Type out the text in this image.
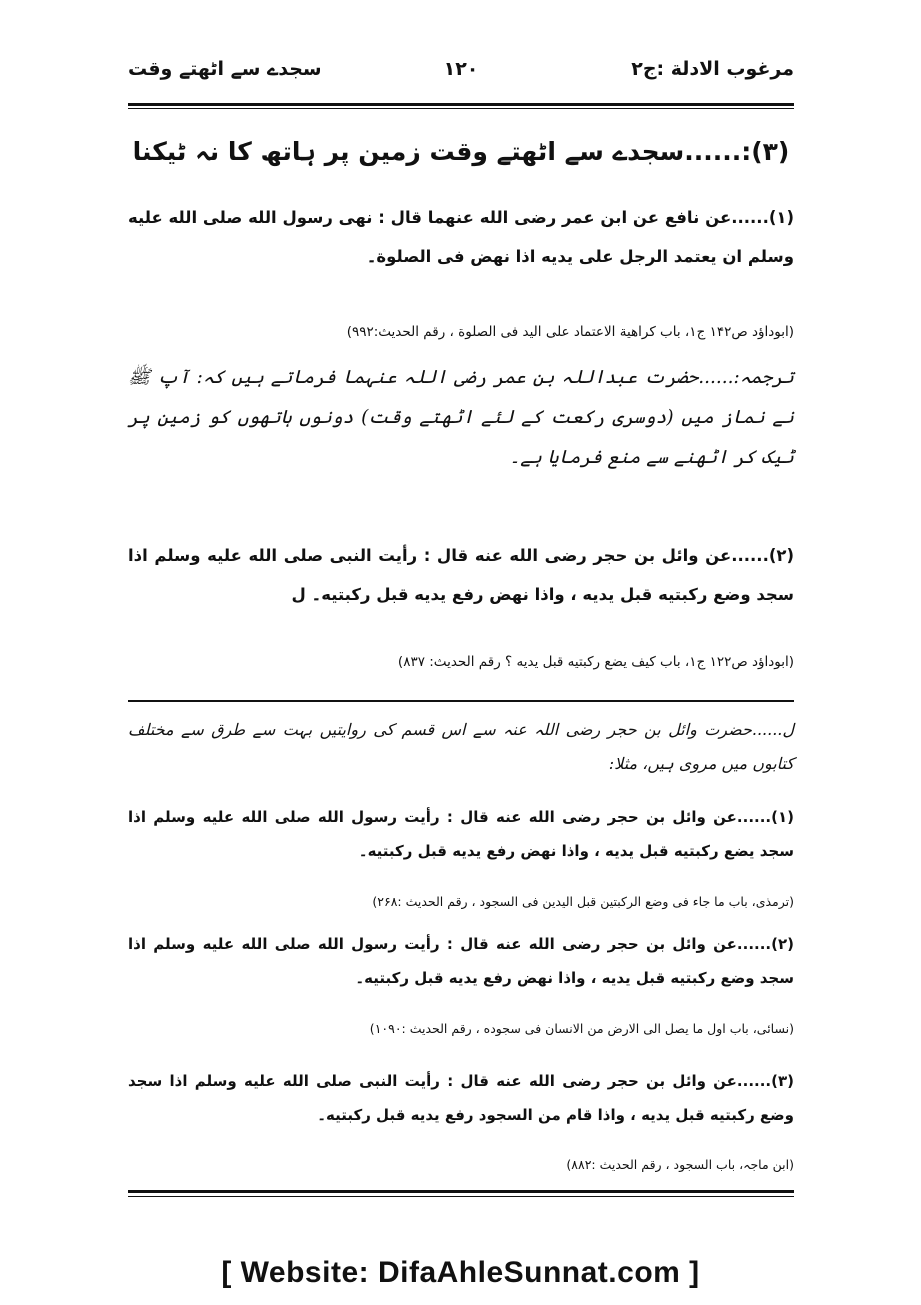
مرغوب الادلة :ج۲
۱۲۰
سجدے سے اٹھتے وقت
(۳):......سجدے سے اٹھتے وقت زمین پر ہاتھ کا نہ ٹیکنا
(۱)......عن نافع عن ابن عمر رضی الله عنهما قال : نهی رسول الله صلی الله علیه وسلم ان یعتمد الرجل علی یدیه اذا نهض فی الصلوة۔
(ابوداؤد ص۱۴۲ ج۱، باب کراهیة الاعتماد علی الید فی الصلوة ، رقم الحدیث:۹۹۲)
ترجمہ:......حضرت عبداللہ بن عمر رضی اللہ عنہما فرماتے ہیں کہ: آپ ﷺ نے نماز میں (دوسری رکعت کے لئے اٹھتے وقت) دونوں ہاتھوں کو زمین پر ٹیک کر اٹھنے سے منع فرمایا ہے۔
(۲)......عن وائل بن حجر رضی الله عنه قال : رأیت النبی صلی الله علیه وسلم اذا سجد وضع رکبتیه قبل یدیه ، واذا نهض رفع یدیه قبل رکبتیه۔ ل
(ابوداؤد ص۱۲۲ ج۱، باب کیف یضع رکبتیه قبل یدیه ؟ رقم الحدیث: ۸۳۷)
ل......حضرت وائل بن حجر رضی اللہ عنہ سے اس قسم کی روایتیں بہت سے طرق سے مختلف کتابوں میں مروی ہیں، مثلا:
(۱)......عن وائل بن حجر رضی الله عنه قال : رأیت رسول الله صلی الله علیه وسلم اذا سجد یضع رکبتیه قبل یدیه ، واذا نهض رفع یدیه قبل رکبتیه۔
(ترمذی، باب ما جاء فی وضع الرکبتین قبل الیدین فی السجود ، رقم الحدیث :۲۶۸)
(۲)......عن وائل بن حجر رضی الله عنه قال : رأیت رسول الله صلی الله علیه وسلم اذا سجد وضع رکبتیه قبل یدیه ، واذا نهض رفع یدیه قبل رکبتیه۔
(نسائی، باب اول ما یصل الی الارض من الانسان فی سجوده ، رقم الحدیث :۱۰۹۰)
(۳)......عن وائل بن حجر رضی الله عنه قال : رأیت النبی صلی الله علیه وسلم اذا سجد وضع رکبتیه قبل یدیه ، واذا قام من السجود رفع یدیه قبل رکبتیه۔
(ابن ماجہ، باب السجود ، رقم الحدیث :۸۸۲)
[ Website: DifaAhleSunnat.com ]
